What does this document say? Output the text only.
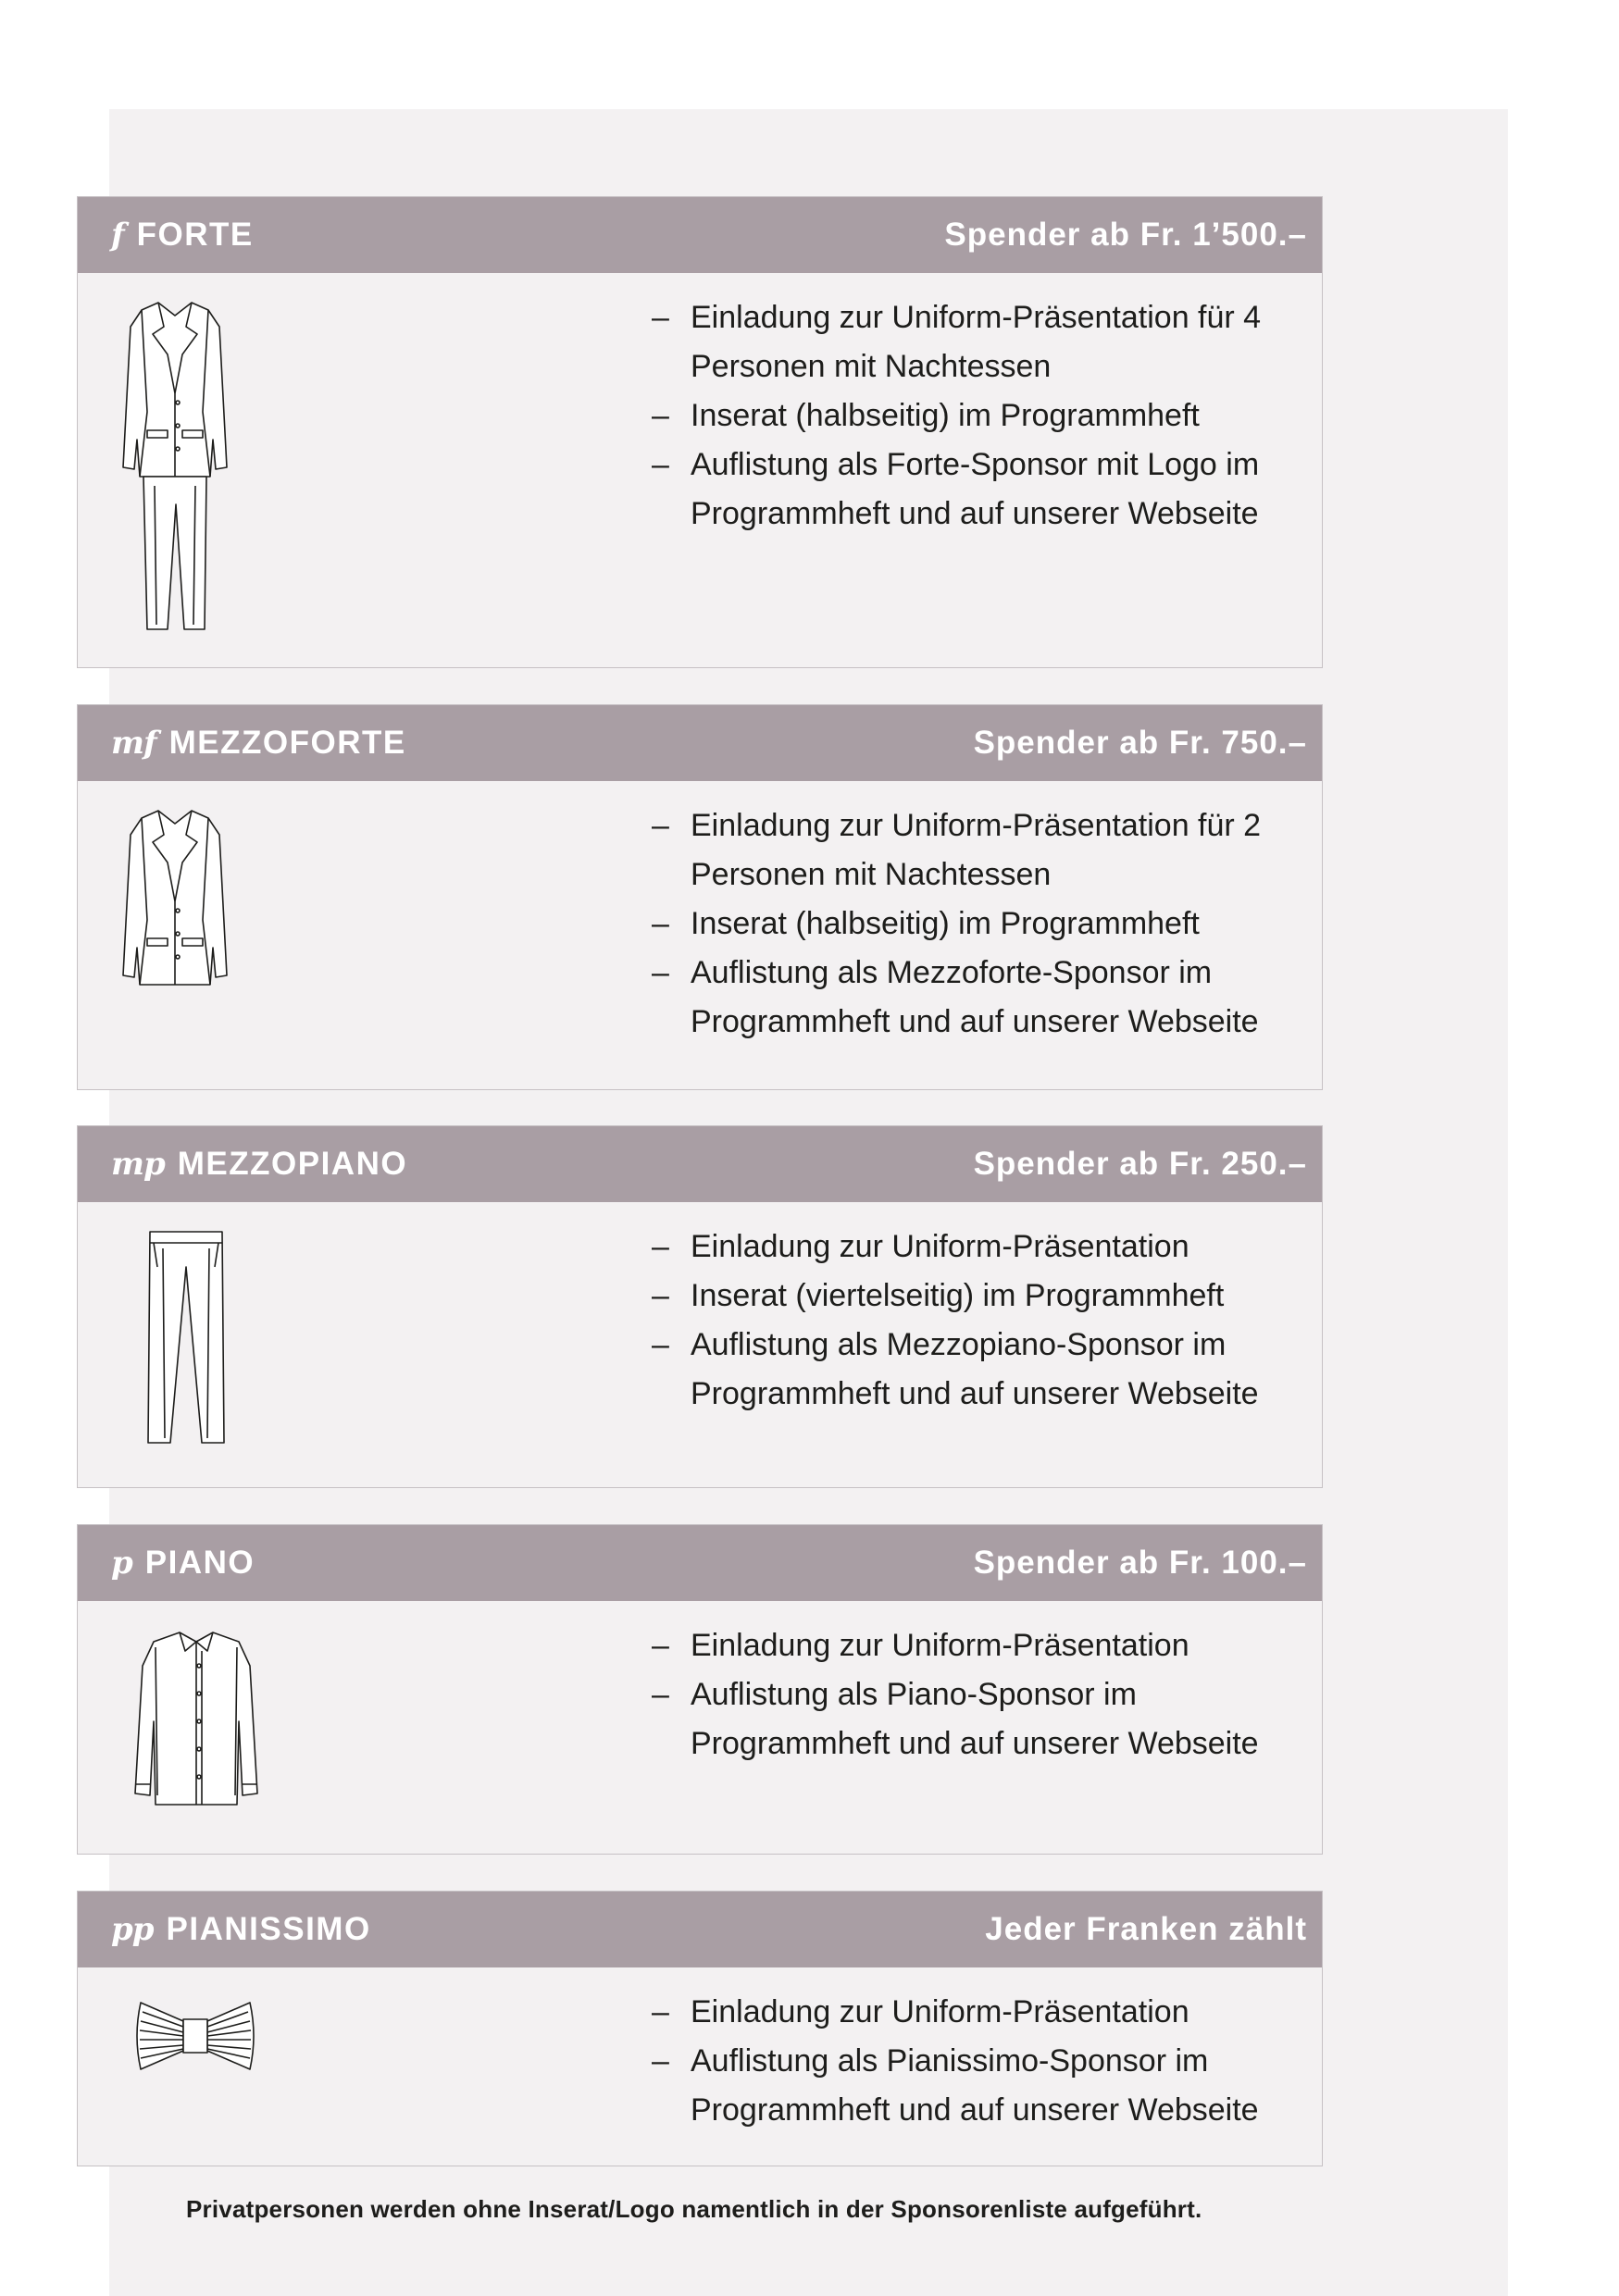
f FORTE	Spender ab Fr. 1’500.–
– Einladung zur Uniform-Präsentation für 4 Personen mit Nachtessen
– Inserat (halbseitig) im Programmheft
– Auflistung als Forte-Sponsor mit Logo im Programmheft und auf unserer Webseite
mf MEZZOFORTE	Spender ab Fr. 750.–
– Einladung zur Uniform-Präsentation für 2 Personen mit Nachtessen
– Inserat (halbseitig) im Programmheft
– Auflistung als Mezzoforte-Sponsor im Programmheft und auf unserer Webseite
mp MEZZOPIANO	Spender ab Fr. 250.–
– Einladung zur Uniform-Präsentation
– Inserat (viertelseitig) im Programmheft
– Auflistung als Mezzopiano-Sponsor im Programmheft und auf unserer Webseite
p PIANO	Spender ab Fr. 100.–
– Einladung zur Uniform-Präsentation
– Auflistung als Piano-Sponsor im Programmheft und auf unserer Webseite
pp PIANISSIMO	Jeder Franken zählt
– Einladung zur Uniform-Präsentation
– Auflistung als Pianissimo-Sponsor im Programmheft und auf unserer Webseite
Privatpersonen werden ohne Inserat/Logo namentlich in der Sponsorenliste aufgeführt.
